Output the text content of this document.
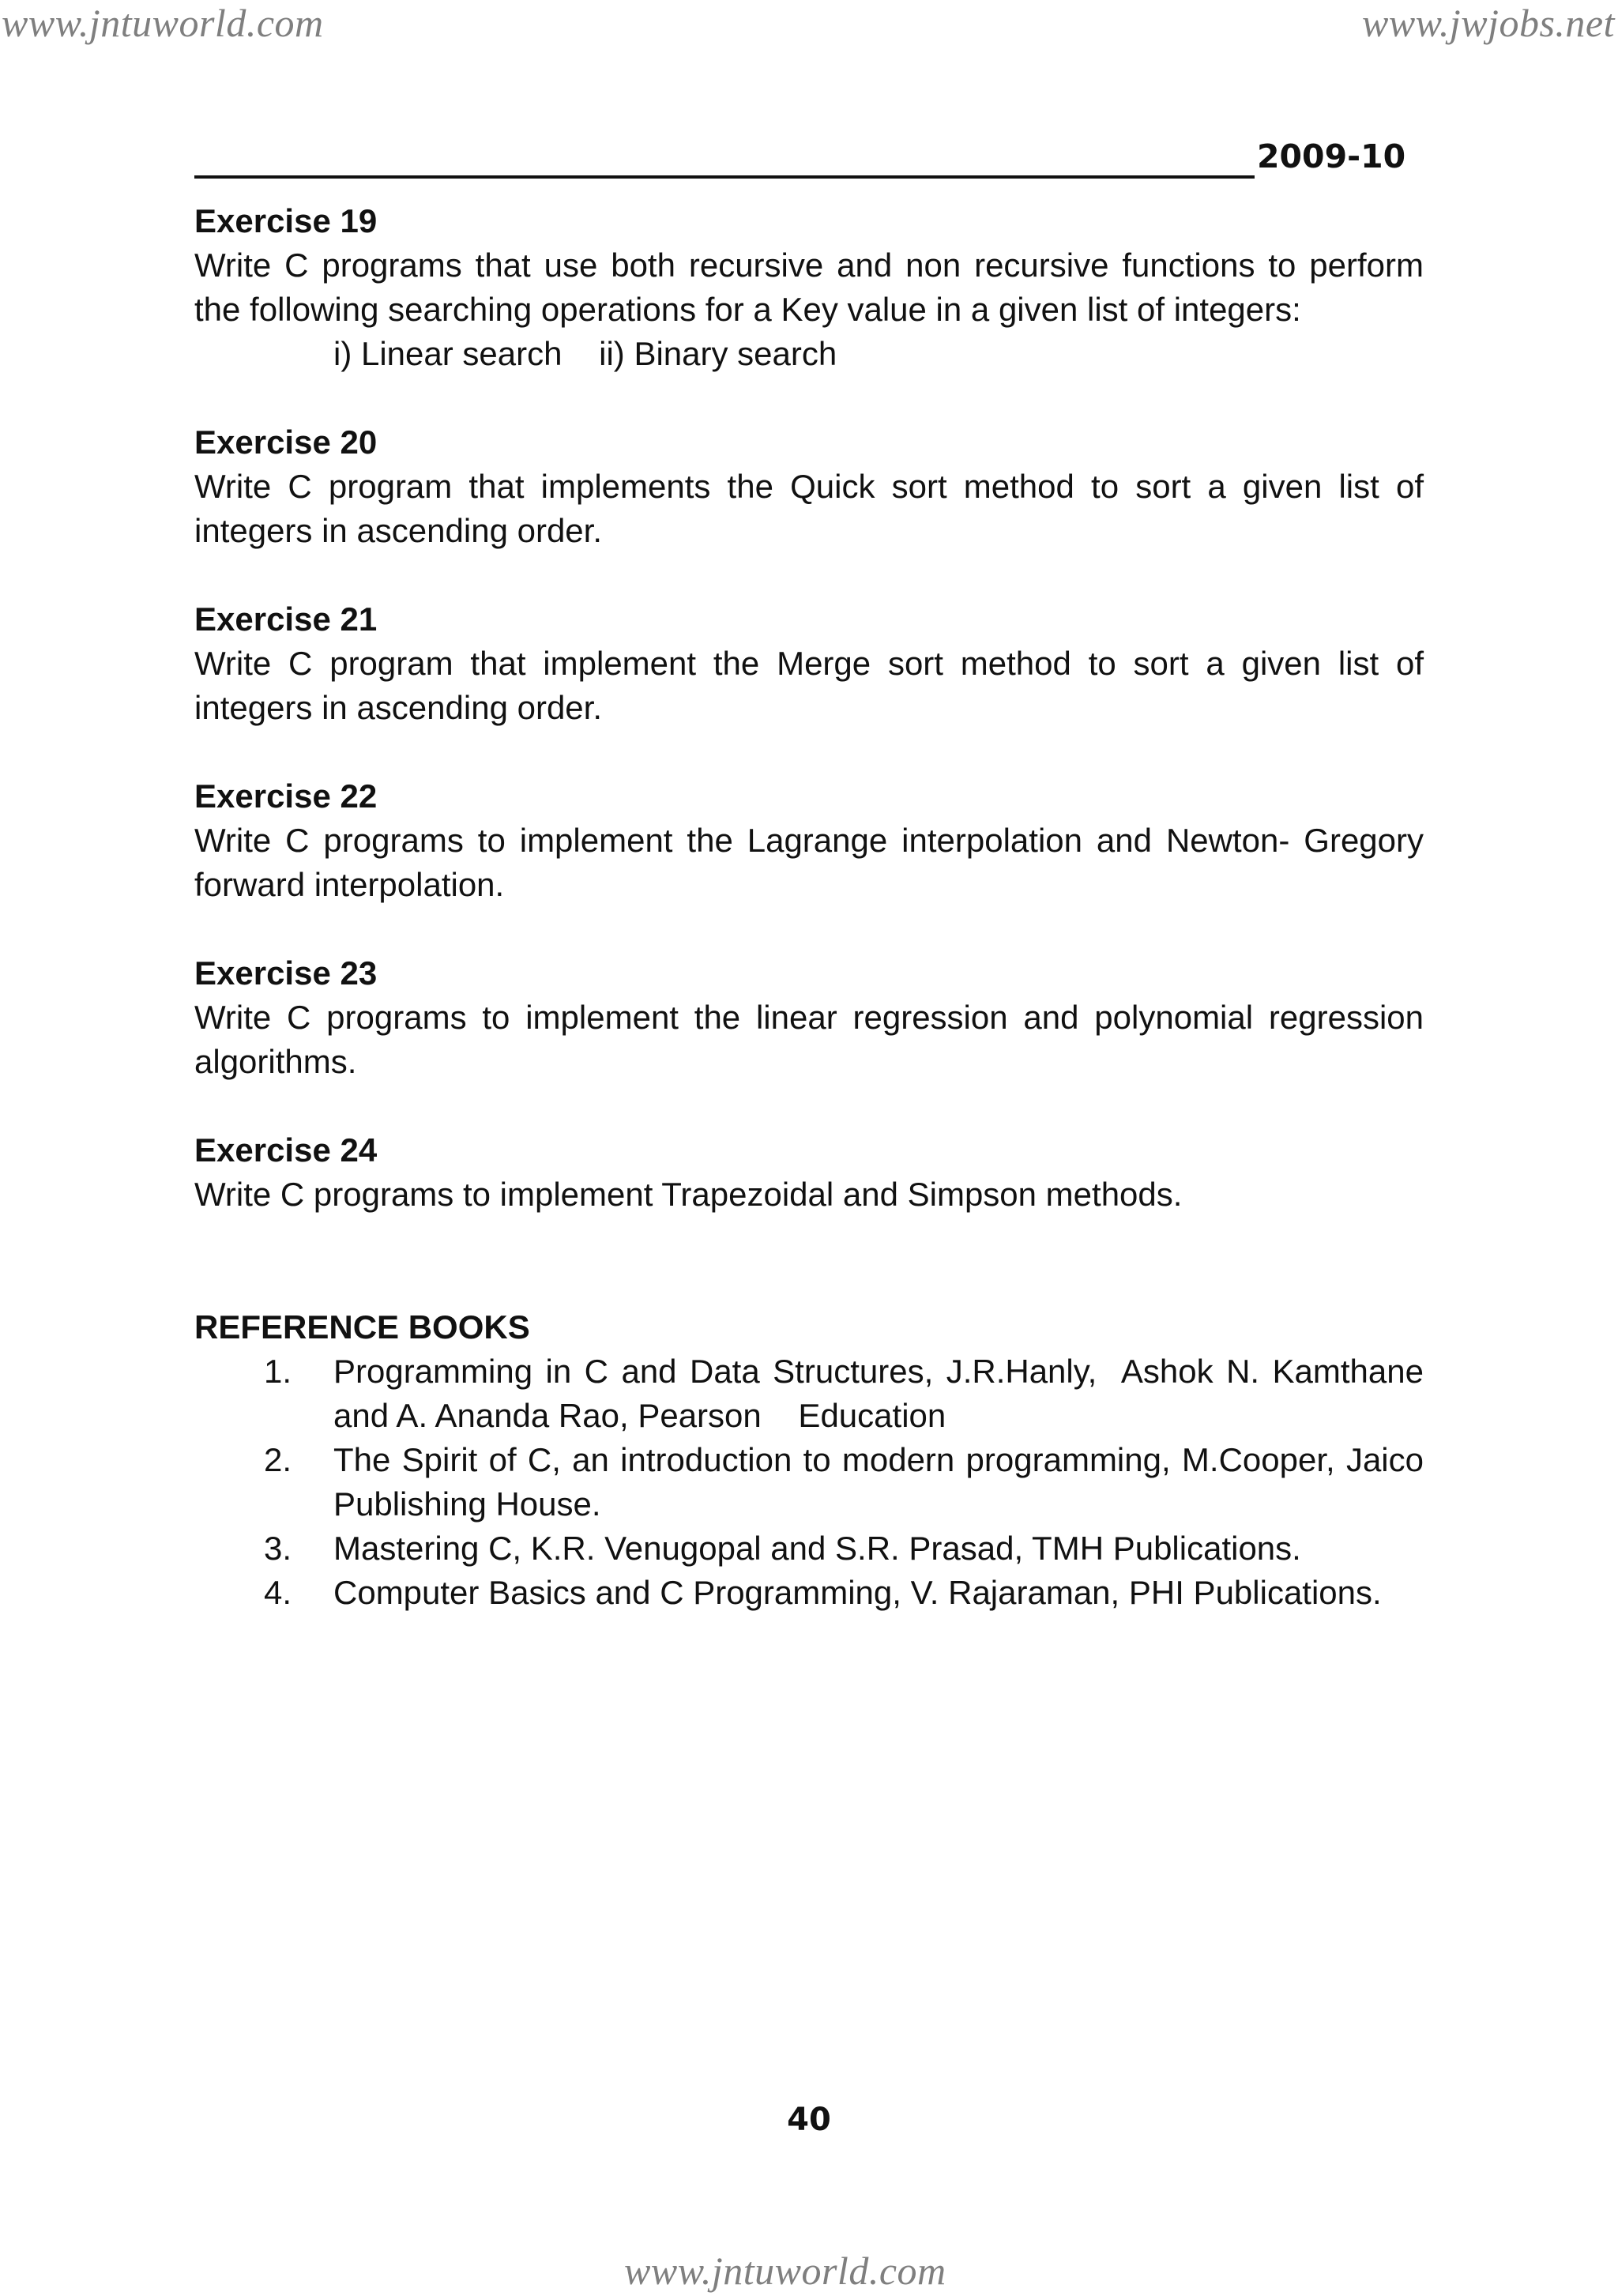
www.jntuworld.com	www.jwjobs.net
2009-10
Exercise 19
Write C programs that use both recursive and non recursive functions to perform the following searching operations for a Key value in a given list of integers:
i) Linear search    ii) Binary search
Exercise 20
Write C program that implements the Quick sort method to sort a given list of integers in ascending order.
Exercise 21
Write C program that implement the Merge sort method to sort a given list of integers in ascending order.
Exercise 22
Write C programs to implement the Lagrange interpolation and Newton- Gregory forward interpolation.
Exercise 23
Write C programs to implement the linear regression and polynomial regression algorithms.
Exercise 24
Write C programs to implement Trapezoidal and Simpson methods.
REFERENCE BOOKS
1. Programming in C and Data Structures, J.R.Hanly,  Ashok N. Kamthane and A. Ananda Rao, Pearson    Education
2. The Spirit of C, an introduction to modern programming, M.Cooper, Jaico Publishing House.
3. Mastering C, K.R. Venugopal and S.R. Prasad, TMH Publications.
4. Computer Basics and C Programming, V. Rajaraman, PHI Publications.
40
www.jntuworld.com
